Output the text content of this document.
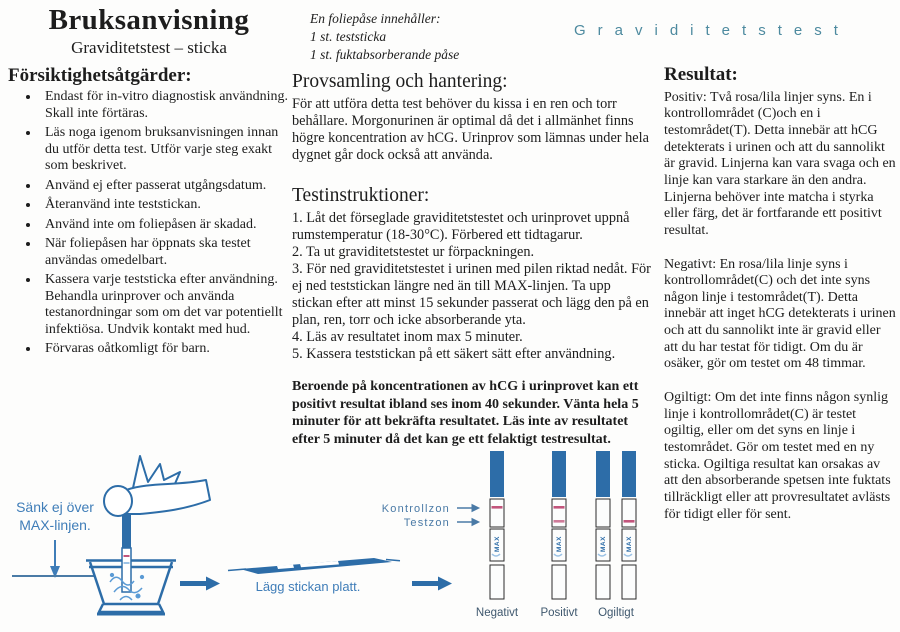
Bruksanvisning
Graviditetstest – sticka
Försiktighetsåtgärder:
• Endast för in-vitro diagnostisk användning. Skall inte förtäras.
• Läs noga igenom bruksanvisningen innan du utför detta test. Utför varje steg exakt som beskrivet.
• Använd ej efter passerat utgångsdatum.
• Återanvänd inte teststickan.
• Använd inte om foliepåsen är skadad.
• När foliepåsen har öppnats ska testet användas omedelbart.
• Kassera varje teststicka efter användning. Behandla urinprover och använda testanordningar som om det var potentiellt infektiösa. Undvik kontakt med hud.
• Förvaras oåtkomligt för barn.
En foliepåse innehåller:
1 st. teststicka
1 st. fuktabsorberande påse
Graviditetstest
Provsamling och hantering:

För att utföra detta test behöver du kissa i en ren och torr behållare. Morgonurinen är optimal då det i allmänhet finns högre koncentration av hCG. Urinprov som lämnas under hela dygnet går dock också att använda.

Testinstruktioner:

1. Låt det förseglade graviditetstestet och urinprovet uppnå rumstemperatur (18-30°C). Förbered ett tidtagarur.

2. Ta ut graviditetstestet ur förpackningen.

3. För ned graviditetstestet i urinen med pilen riktad nedåt. För ej ned teststickan längre ned än till MAX-linjen. Ta upp stickan efter att minst 15 sekunder passerat och lägg den på en plan, ren, torr och icke absorberande yta.

4. Läs av resultatet inom max 5 minuter.

5. Kassera teststickan på ett säkert sätt efter användning.

Beroende på koncentrationen av hCG i urinprovet kan ett positivt resultat ibland ses inom 40 sekunder. Vänta hela 5 minuter för att bekräfta resultatet. Läs inte av resultatet efter 5 minuter då det kan ge ett felaktigt testresultat.

Resultat:

Positiv: Två rosa/lila linjer syns. En i kontrollområdet (C)och en i testområdet(T). Detta innebär att hCG detekterats i urinen och att du sannolikt är gravid. Linjerna kan vara svaga och en linje kan vara starkare än den andra. Linjerna behöver inte matcha i styrka eller färg, det är fortfarande ett positivt resultat.

Negativt: En rosa/lila linje syns i kontrollområdet(C) och det inte syns någon linje i testområdet(T). Detta innebär att inget hCG detekterats i urinen och att du sannolikt inte är gravid eller att du har testat för tidigt. Om du är osäker, gör om testet om 48 timmar.

Ogiltigt: Om det inte finns någon synlig linje i kontrollområdet(C) är testet ogiltig, eller om det syns en linje i testområdet. Gör om testet med en ny sticka. Ogiltiga resultat kan orsakas av att den absorberande spetsen inte fuktats tillräckligt eller att provresultatet avlästs för tidigt eller för sent.

Sänk ej över
MAX-linjen.
Lägg stickan platt.
Kontrollzon
Testzon
MAX	MAX	MAX	MAX
Negativt Positivt Ogiltigt
